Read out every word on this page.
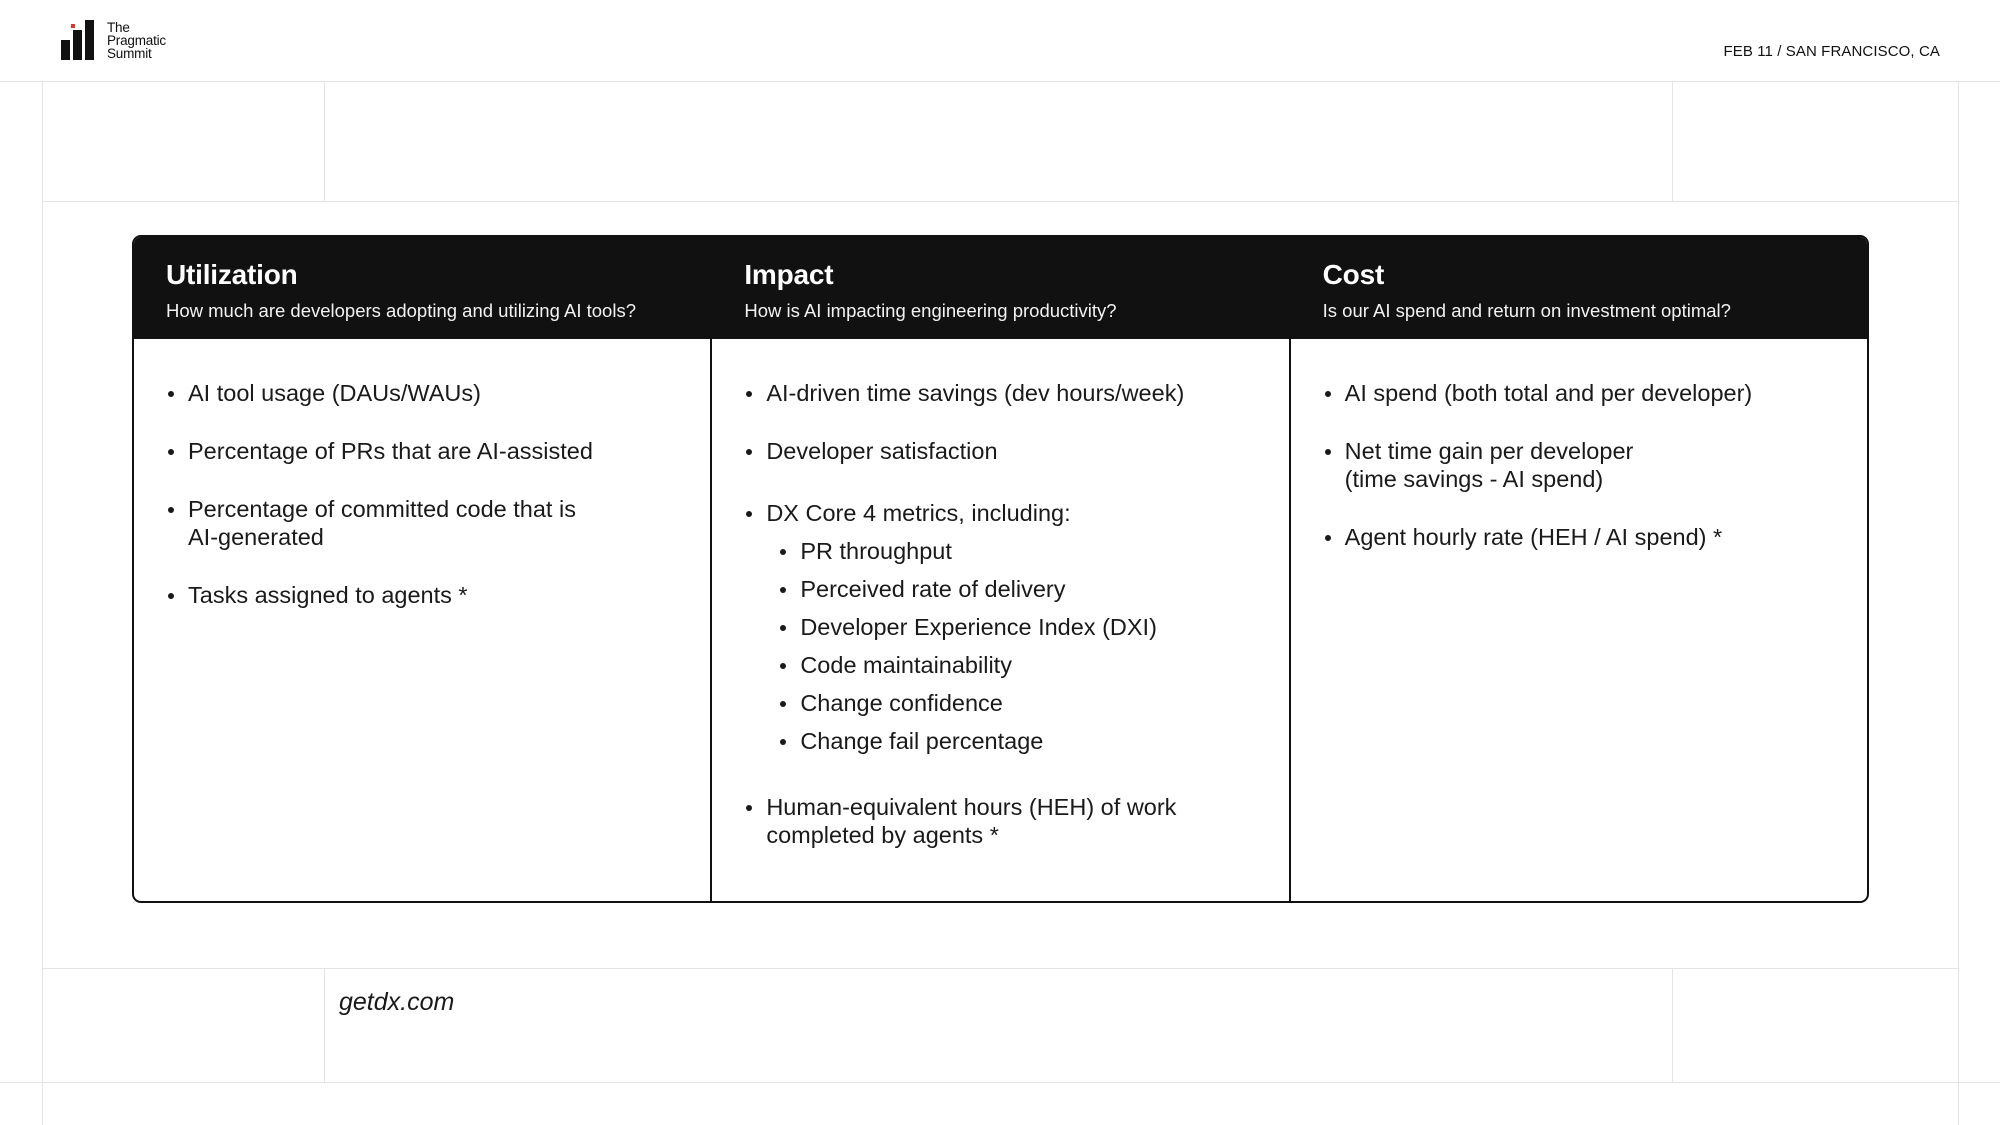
The
Pragmatic
Summit	FEB 11 / SAN FRANCISCO, CA
Utilization
How much are developers adopting and utilizing AI tools?
AI tool usage (DAUs/WAUs)
Percentage of PRs that are AI-assisted
Percentage of committed code that is AI-generated
Tasks assigned to agents *
Impact
How is AI impacting engineering productivity?
AI-driven time savings (dev hours/week)
Developer satisfaction
DX Core 4 metrics, including:
PR throughput
Perceived rate of delivery
Developer Experience Index (DXI)
Code maintainability
Change confidence
Change fail percentage
Human-equivalent hours (HEH) of work completed by agents *
Cost
Is our AI spend and return on investment optimal?
AI spend (both total and per developer)
Net time gain per developer
(time savings - AI spend)
Agent hourly rate (HEH / AI spend) *
getdx.com
